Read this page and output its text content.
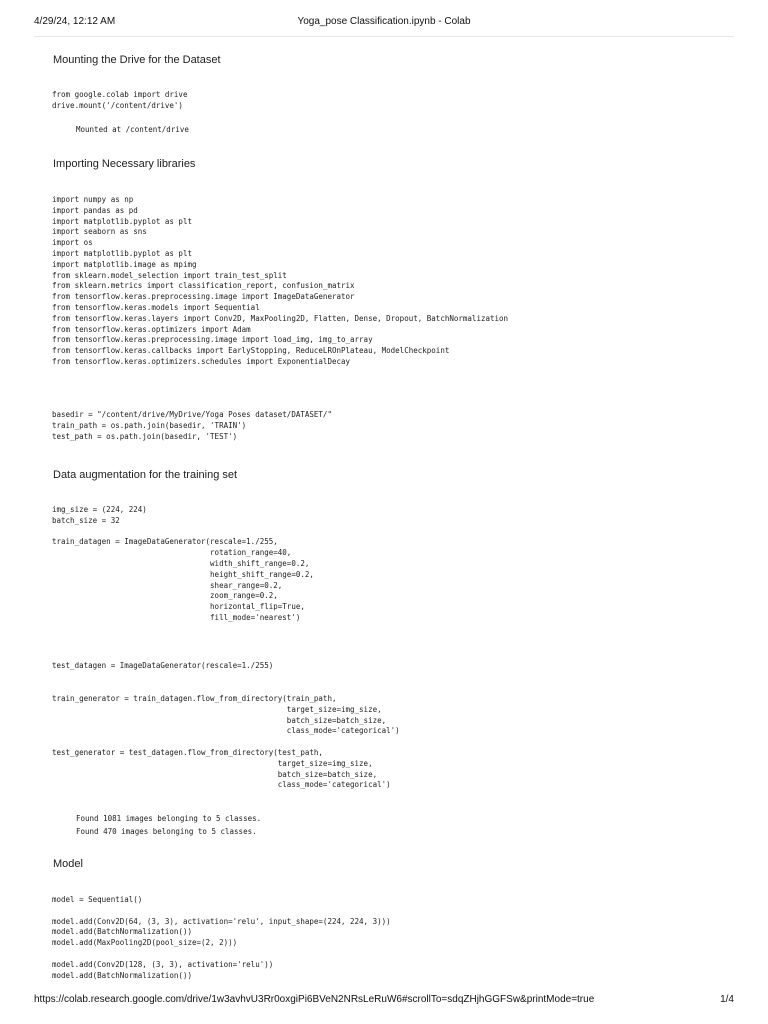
4/29/24, 12:12 AM	Yoga_pose Classification.ipynb - Colab
Mounting the Drive for the Dataset
from google.colab import drive
drive.mount('/content/drive')
Mounted at /content/drive
Importing Necessary libraries
import numpy as np
import pandas as pd
import matplotlib.pyplot as plt
import seaborn as sns
import os
import matplotlib.pyplot as plt
import matplotlib.image as mpimg
from sklearn.model_selection import train_test_split
from sklearn.metrics import classification_report, confusion_matrix
from tensorflow.keras.preprocessing.image import ImageDataGenerator
from tensorflow.keras.models import Sequential
from tensorflow.keras.layers import Conv2D, MaxPooling2D, Flatten, Dense, Dropout, BatchNormalization
from tensorflow.keras.optimizers import Adam
from tensorflow.keras.preprocessing.image import load_img, img_to_array
from tensorflow.keras.callbacks import EarlyStopping, ReduceLROnPlateau, ModelCheckpoint
from tensorflow.keras.optimizers.schedules import ExponentialDecay
basedir = "/content/drive/MyDrive/Yoga Poses dataset/DATASET/"
train_path = os.path.join(basedir, 'TRAIN')
test_path = os.path.join(basedir, 'TEST')
Data augmentation for the training set
img_size = (224, 224)
batch_size = 32

train_datagen = ImageDataGenerator(rescale=1./255,
rotation_range=40,
width_shift_range=0.2,
height_shift_range=0.2,
shear_range=0.2,
zoom_range=0.2,
horizontal_flip=True,
fill_mode='nearest')
test_datagen = ImageDataGenerator(rescale=1./255)
train_generator = train_datagen.flow_from_directory(train_path,
target_size=img_size,
batch_size=batch_size,
class_mode='categorical')

test_generator = test_datagen.flow_from_directory(test_path,
target_size=img_size,
batch_size=batch_size,
class_mode='categorical')
Found 1081 images belonging to 5 classes.
Found 470 images belonging to 5 classes.
Model
model = Sequential()

model.add(Conv2D(64, (3, 3), activation='relu', input_shape=(224, 224, 3)))
model.add(BatchNormalization())
model.add(MaxPooling2D(pool_size=(2, 2)))

model.add(Conv2D(128, (3, 3), activation='relu'))
model.add(BatchNormalization())
https://colab.research.google.com/drive/1w3avhvU3Rr0oxgiPi6BVeN2NRsLeRuW6#scrollTo=sdqZHjhGGFSw&printMode=true	1/4
